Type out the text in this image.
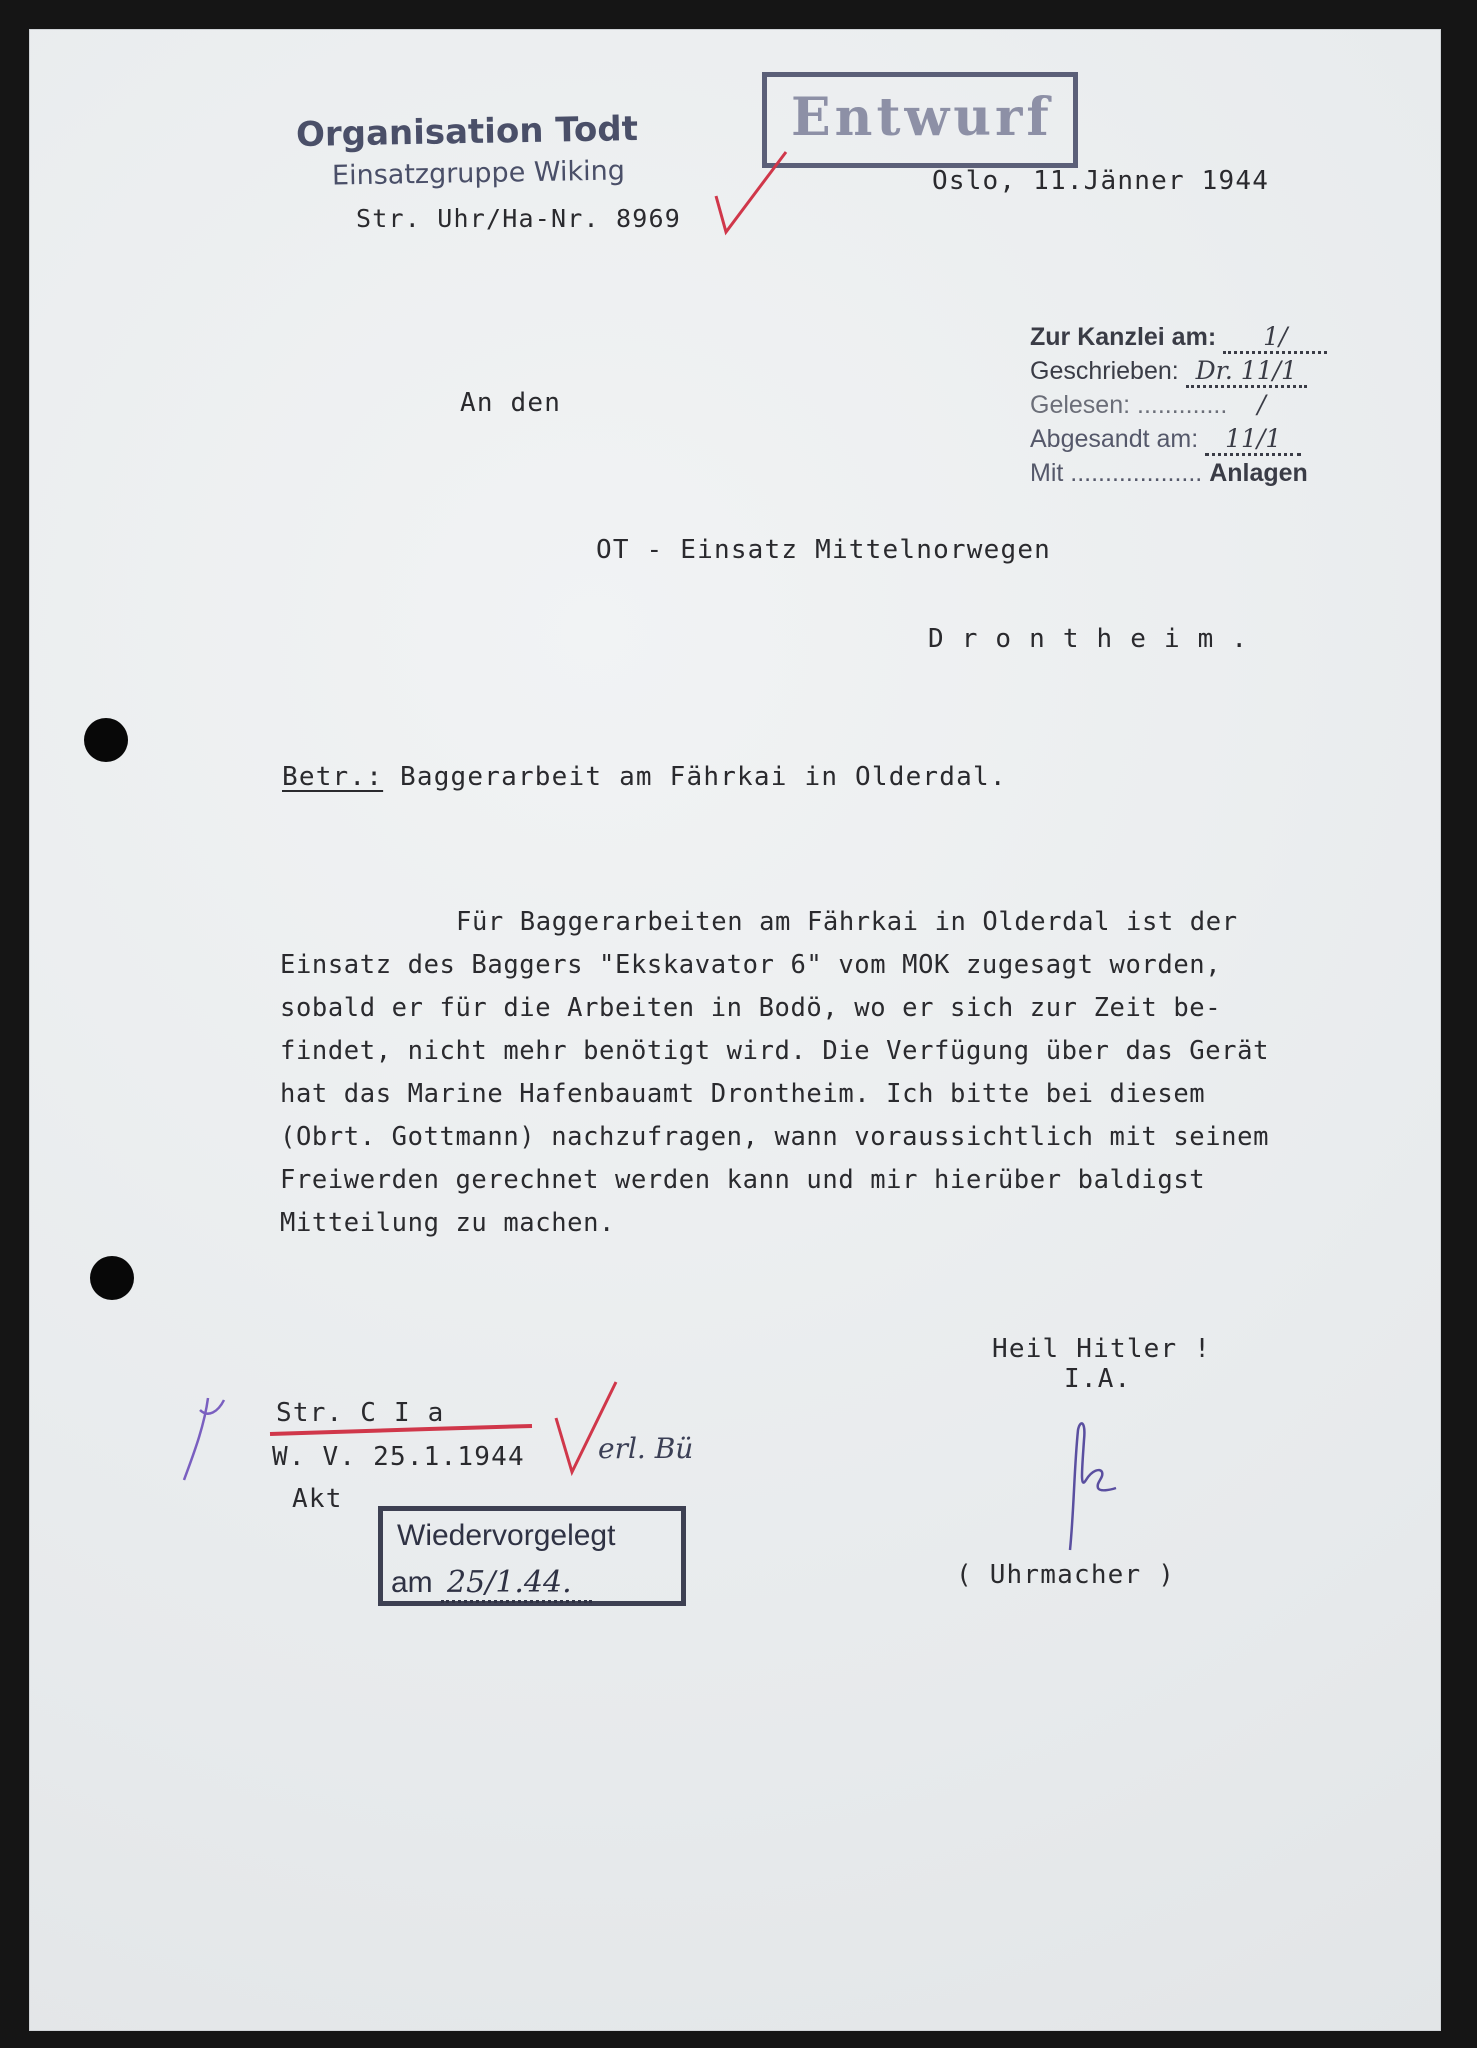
Organisation Todt
Einsatzgruppe Wiking
Str. Uhr/Ha-Nr. 8969
Entwurf
Oslo, 11.Jänner 1944
Zur Kanzlei am: 1/
Geschrieben: Dr. 11/1
Gelesen: ............. /
Abgesandt am: 11/1
Mit ................... Anlagen
An den
OT - Einsatz Mittelnorwegen
D r o n t h e i m .
Betr.: Baggerarbeit am Fährkai in Olderdal.
Für Baggerarbeiten am Fährkai in Olderdal ist der
Einsatz des Baggers "Ekskavator 6" vom MOK zugesagt worden,
sobald er für die Arbeiten in Bodö, wo er sich zur Zeit be-
findet, nicht mehr benötigt wird. Die Verfügung über das Gerät
hat das Marine Hafenbauamt Drontheim. Ich bitte bei diesem
(Obrt. Gottmann) nachzufragen, wann voraussichtlich mit seinem
Freiwerden gerechnet werden kann und mir hierüber baldigst
Mitteilung zu machen.
Heil Hitler !
I.A.
( Uhrmacher )
Str. C I a
W. V. 25.1.1944	erl. Bü
Akt
Wiedervorgelegt
am 25/1.44.
